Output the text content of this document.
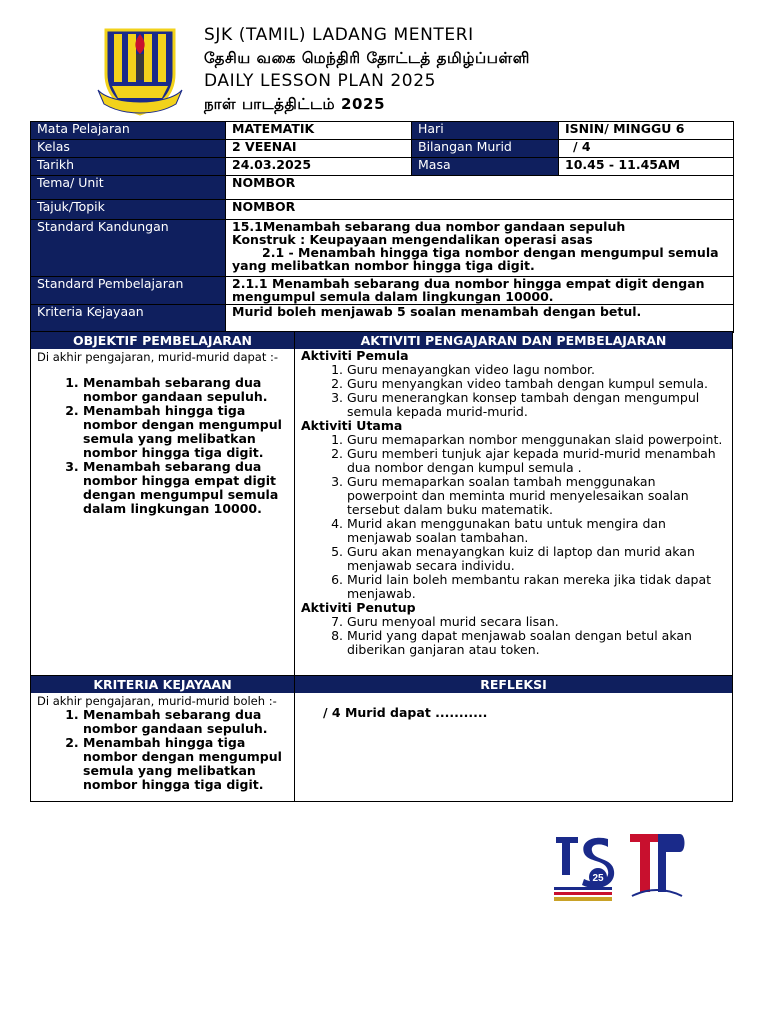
SJK (TAMIL) LADANG MENTERI
தேசிய வகை மெந்திரி தோட்டத் தமிழ்ப்பள்ளி
DAILY LESSON PLAN 2025
நாள் பாடத்திட்டம் 2025
Mata Pelajaran	MATEMATIK	Hari	ISNIN/ MINGGU 6
Kelas	2 VEENAI	Bilangan Murid	/ 4
Tarikh	24.03.2025	Masa	10.45 - 11.45AM
Tema/ Unit	NOMBOR		
Tajuk/Topik	NOMBOR		
Standard Kandungan	15.1Menambah sebarang dua nombor gandaan sepuluh
Konstruk : Keupayaan mengendalikan operasi asas
2.1 - Menambah hingga tiga nombor dengan mengumpul semula yang melibatkan nombor hingga tiga digit.		

Standard Pembelajaran	2.1.1 Menambah sebarang dua nombor hingga empat digit dengan mengumpul semula dalam lingkungan 10000.		
Kriteria Kejayaan	Murid boleh menjawab 5 soalan menambah dengan betul.		
OBJEKTIF PEMBELAJARAN
Di akhir pengajaran, murid-murid dapat :-
1. Menambah sebarang dua nombor gandaan sepuluh.
2. Menambah hingga tiga nombor dengan mengumpul semula yang melibatkan nombor hingga tiga digit.
3. Menambah sebarang dua nombor hingga empat digit dengan mengumpul semula dalam lingkungan 10000.
AKTIVITI PENGAJARAN DAN PEMBELAJARAN
Aktiviti Pemula
1. Guru menayangkan video lagu nombor.
2. Guru menyangkan video tambah dengan kumpul semula.
3. Guru menerangkan konsep tambah dengan mengumpul semula kepada murid-murid.
Aktiviti Utama
1. Guru memaparkan nombor menggunakan slaid powerpoint.
2. Guru memberi tunjuk ajar kepada murid-murid menambah dua nombor dengan kumpul semula .
3. Guru memaparkan soalan tambah menggunakan powerpoint dan meminta murid menyelesaikan soalan tersebut dalam buku matematik.
4. Murid akan menggunakan batu untuk mengira dan menjawab soalan tambahan.
5. Guru akan menayangkan kuiz di laptop dan murid akan menjawab secara individu.
6. Murid lain boleh membantu rakan mereka jika tidak dapat menjawab.
Aktiviti Penutup
7. Guru menyoal murid secara lisan.
8. Murid yang dapat menjawab soalan dengan betul akan diberikan ganjaran atau token.
KRITERIA KEJAYAAN
Di akhir pengajaran, murid-murid boleh :-
1. Menambah sebarang dua nombor gandaan sepuluh.
2. Menambah hingga tiga nombor dengan mengumpul semula yang melibatkan nombor hingga tiga digit.
REFLEKSI
/ 4 Murid dapat ...........
25
